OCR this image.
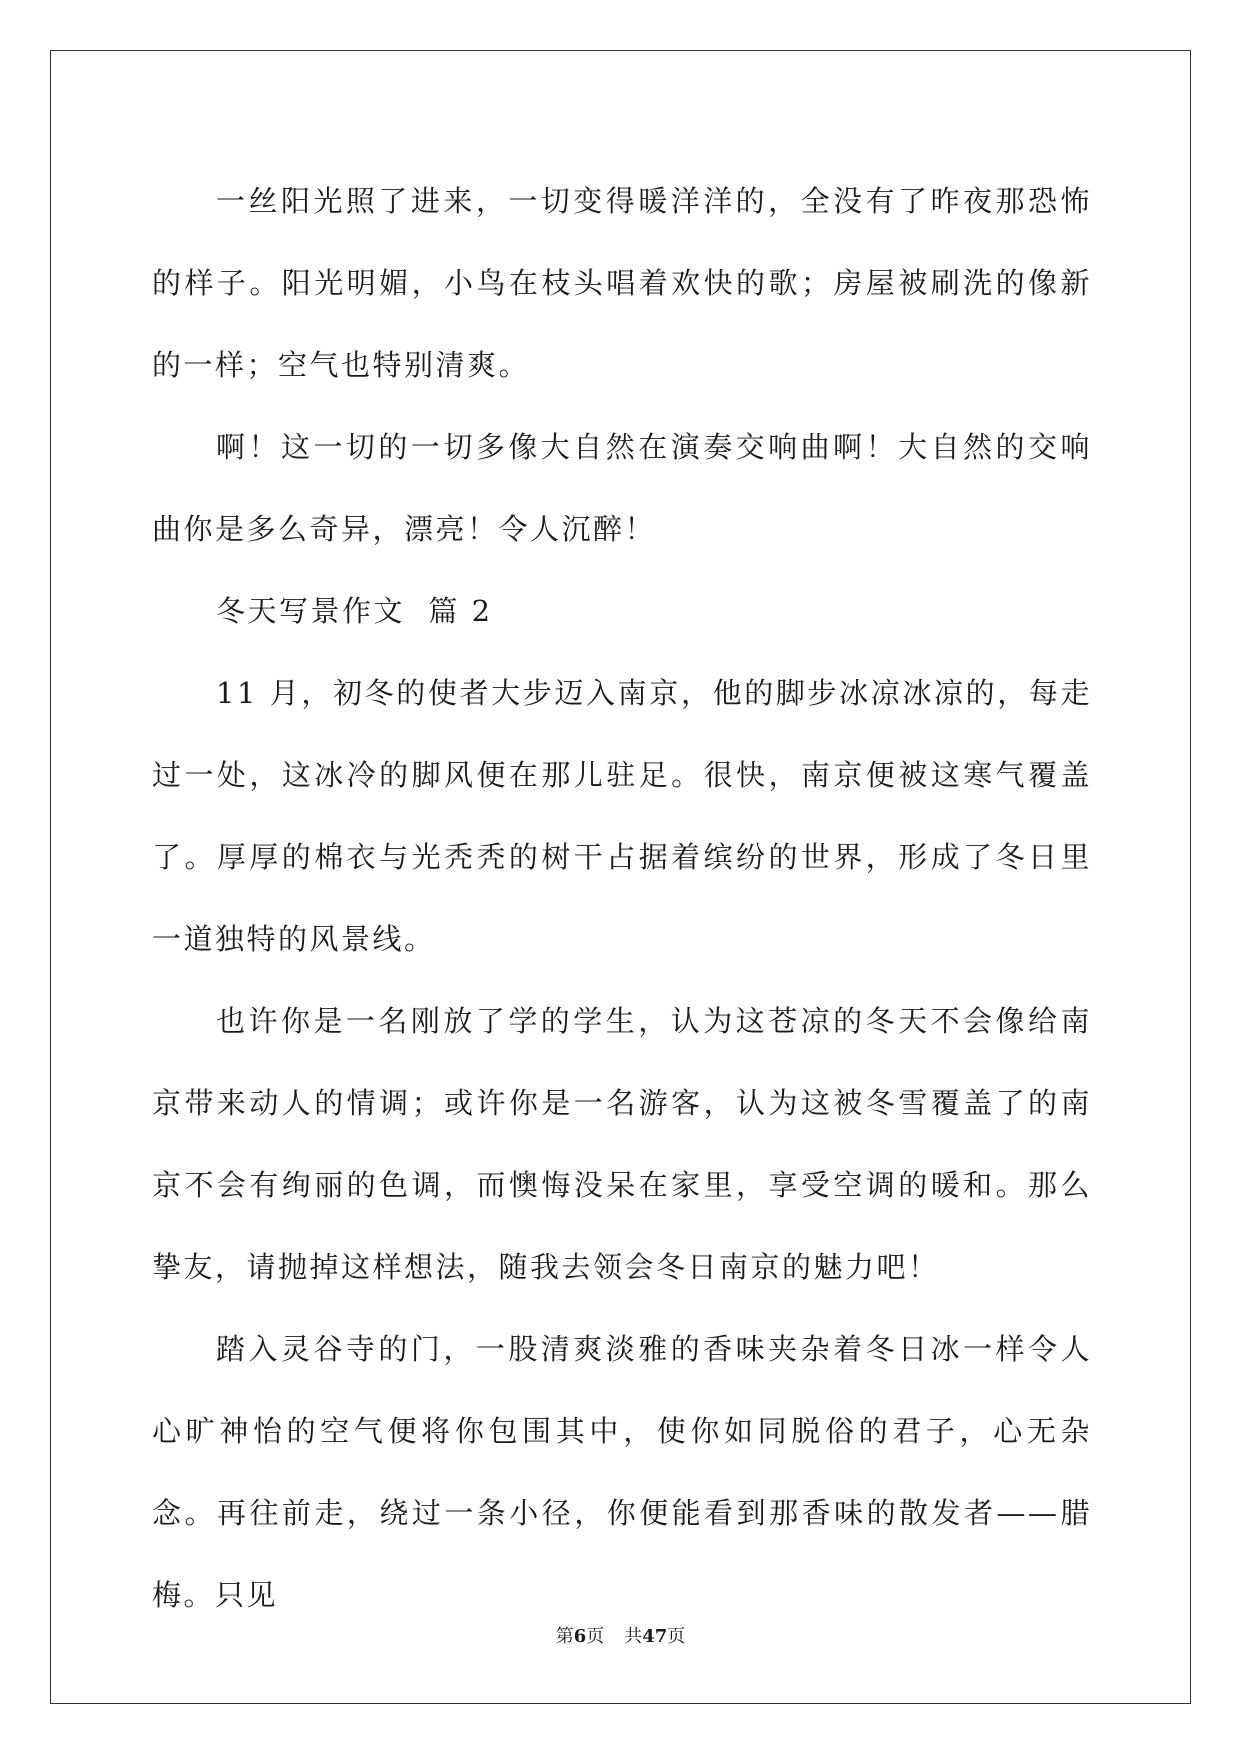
一丝阳光照了进来，一切变得暖洋洋的，全没有了昨夜那恐怖的样子。阳光明媚，小鸟在枝头唱着欢快的歌；房屋被刷洗的像新的一样；空气也特别清爽。

啊！这一切的一切多像大自然在演奏交响曲啊！大自然的交响曲你是多么奇异，漂亮！令人沉醉！

冬天写景作文  篇 2

11 月，初冬的使者大步迈入南京，他的脚步冰凉冰凉的，每走过一处，这冰冷的脚风便在那儿驻足。很快，南京便被这寒气覆盖了。厚厚的棉衣与光秃秃的树干占据着缤纷的世界，形成了冬日里一道独特的风景线。

也许你是一名刚放了学的学生，认为这苍凉的冬天不会像给南京带来动人的情调；或许你是一名游客，认为这被冬雪覆盖了的南京不会有绚丽的色调，而懊悔没呆在家里，享受空调的暖和。那么挚友，请抛掉这样想法，随我去领会冬日南京的魅力吧！

踏入灵谷寺的门，一股清爽淡雅的香味夹杂着冬日冰一样令人心旷神怡的空气便将你包围其中，使你如同脱俗的君子，心无杂念。再往前走，绕过一条小径，你便能看到那香味的散发者——腊梅。只见

第6页 共47页
